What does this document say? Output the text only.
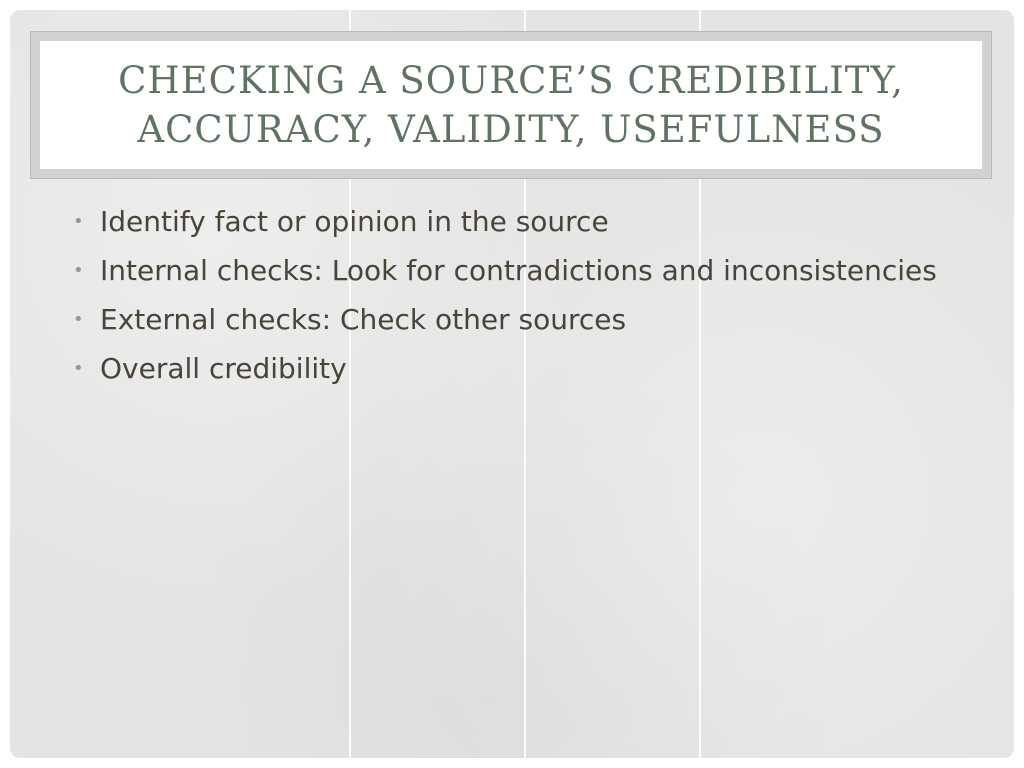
CHECKING A SOURCE’S CREDIBILITY,
ACCURACY, VALIDITY, USEFULNESS
• Identify fact or opinion in the source
• Internal checks: Look for contradictions and inconsistencies
• External checks: Check other sources
• Overall credibility
